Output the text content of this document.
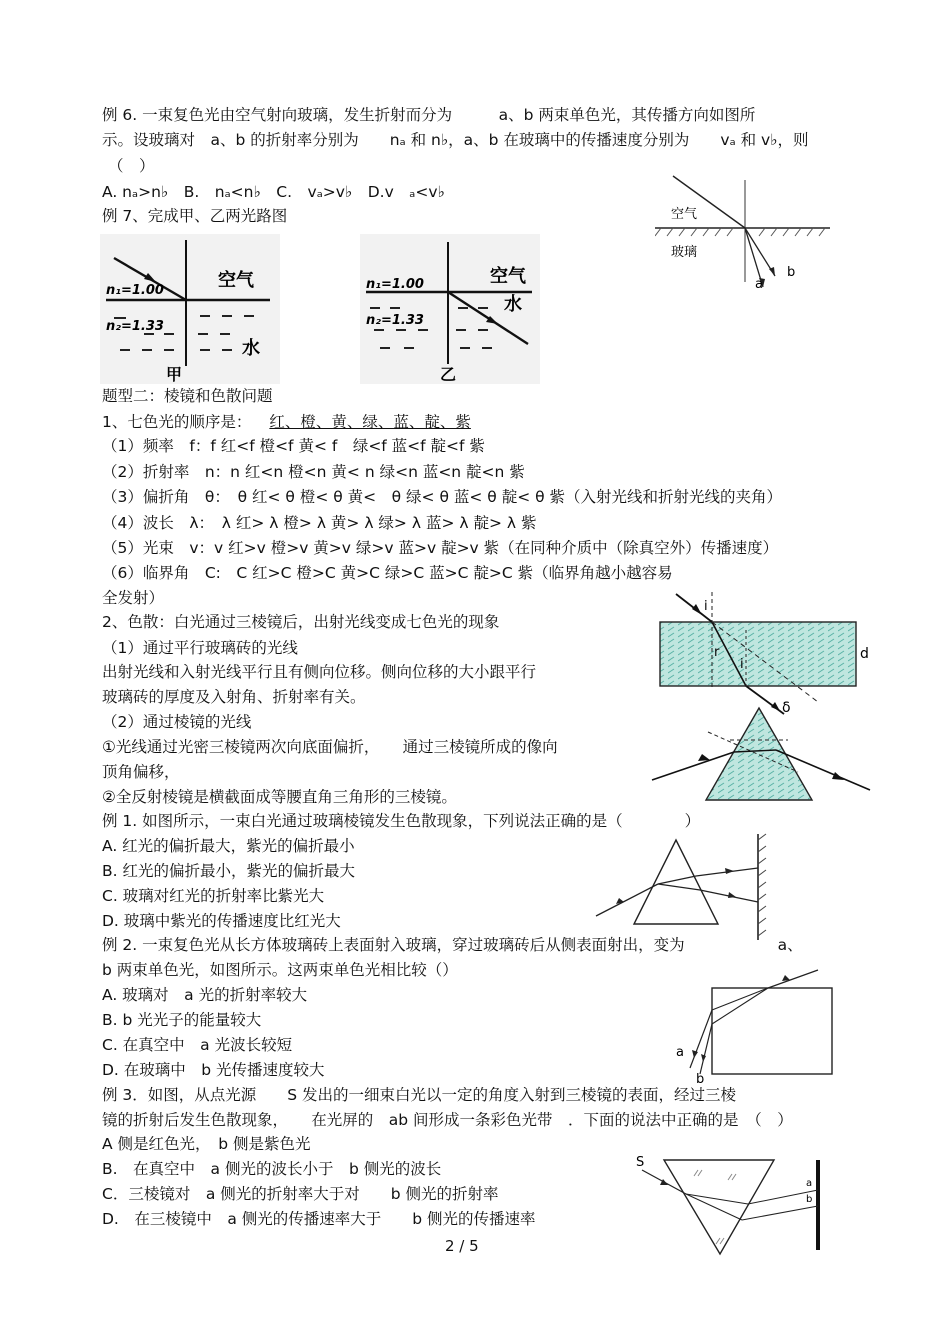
例 6. 一束复色光由空气射向玻璃，发生折射而分为　　　a、b 两束单色光，其传播方向如图所
示。设玻璃对　a、b 的折射率分别为　　nₐ 和 n♭，a、b 在玻璃中的传播速度分别为　　vₐ 和 v♭，则
（　）
A. nₐ>n♭　B.　nₐ<n♭　C.　vₐ>v♭　D.v　ₐ<v♭
空气
玻璃
a
b
例 7、完成甲、乙两光路图
n₁=1.00
n₂=1.33
空气
水
甲
n₁=1.00
n₂=1.33
空气
水
乙
题型二：棱镜和色散问题
1、七色光的顺序是： 红、橙、黄、绿、蓝、靛、紫
（1）频率　f：f 红<f 橙<f 黄< f　绿<f 蓝<f 靛<f 紫
（2）折射率　n：n 红<n 橙<n 黄< n 绿<n 蓝<n 靛<n 紫
（3）偏折角　θ：　θ 红< θ 橙< θ 黄<　θ 绿< θ 蓝< θ 靛< θ 紫（入射光线和折射光线的夹角）
（4）波长　λ：　λ 红> λ 橙> λ 黄> λ 绿> λ 蓝> λ 靛> λ 紫
（5）光束　v：v 红>v 橙>v 黄>v 绿>v 蓝>v 靛>v 紫（在同种介质中（除真空外）传播速度）
（6）临界角　C:　C 红>C 橙>C 黄>C 绿>C 蓝>C 靛>C 紫（临界角越小越容易
全发射）
2、色散：白光通过三棱镜后，出射光线变成七色光的现象
（1）通过平行玻璃砖的光线
出射光线和入射光线平行且有侧向位移。侧向位移的大小跟平行
玻璃砖的厚度及入射角、折射率有关。
（2）通过棱镜的光线
①光线通过光密三棱镜两次向底面偏折，　　通过三棱镜所成的像向
顶角偏移，
②全反射棱镜是横截面成等腰直角三角形的三棱镜。
i
r
i
d
δ
例 1. 如图所示，一束白光通过玻璃棱镜发生色散现象，下列说法正确的是（　　　　）
A. 红光的偏折最大，紫光的偏折最小
B. 红光的偏折最小，紫光的偏折最大
C. 玻璃对红光的折射率比紫光大
D. 玻璃中紫光的传播速度比红光大
例 2. 一束复色光从长方体玻璃砖上表面射入玻璃，穿过玻璃砖后从侧表面射出，变为　　　　　　a、
b 两束单色光，如图所示。这两束单色光相比较（）
A. 玻璃对　a 光的折射率较大
B. b 光光子的能量较大
C. 在真空中　a 光波长较短
D. 在玻璃中　b 光传播速度较大
a
b
例 3．如图，从点光源　　S 发出的一细束白光以一定的角度入射到三棱镜的表面，经过三棱
镜的折射后发生色散现象，　　在光屏的　ab 间形成一条彩色光带　．下面的说法中正确的是　（　）
A 侧是红色光，　b 侧是紫色光
B.　在真空中　a 侧光的波长小于　b 侧光的波长
C．三棱镜对　a 侧光的折射率大于对　　b 侧光的折射率
D.　在三棱镜中　a 侧光的传播速率大于　　b 侧光的传播速率
S
a
b
2 / 5
